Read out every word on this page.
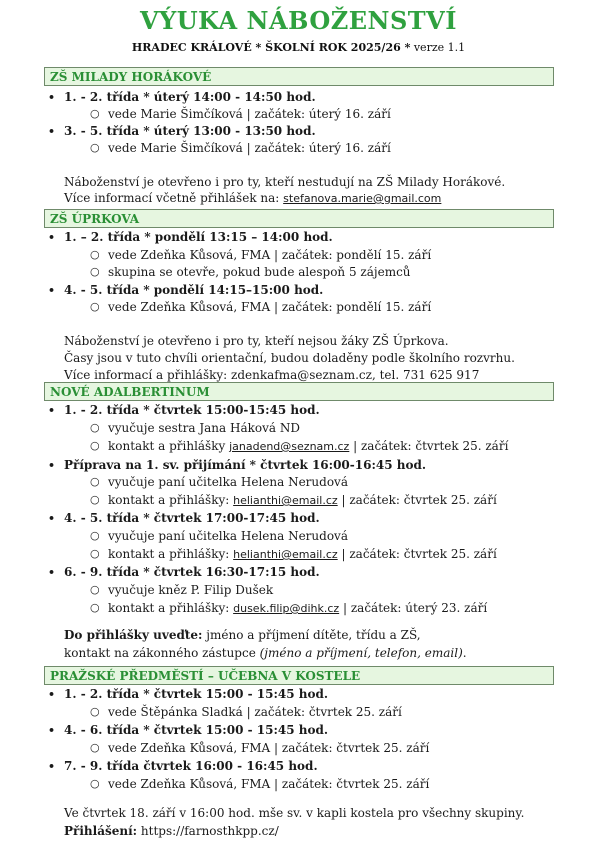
VÝUKA NÁBOŽENSTVÍ
HRADEC KRÁLOVÉ * ŠKOLNÍ ROK 2025/26 * verze 1.1
ZŠ MILADY HORÁKOVÉ
• 1. - 2. třída * úterý 14:00 - 14:50 hod.
○ vede Marie Šimčíková | začátek: úterý 16. září
• 3. - 5. třída * úterý 13:00 - 13:50 hod.
○ vede Marie Šimčíková | začátek: úterý 16. září
Náboženství je otevřeno i pro ty, kteří nestudují na ZŠ Milady Horákové.
Více informací včetně přihlášek na: stefanova.marie@gmail.com
ZŠ ÚPRKOVA
• 1. – 2. třída * pondělí 13:15 – 14:00 hod.
○ vede Zdeňka Kůsová, FMA | začátek: pondělí 15. září
○ skupina se otevře, pokud bude alespoň 5 zájemců
• 4. - 5. třída * pondělí 14:15–15:00 hod.
○ vede Zdeňka Kůsová, FMA | začátek: pondělí 15. září
Náboženství je otevřeno i pro ty, kteří nejsou žáky ZŠ Úprkova.
Časy jsou v tuto chvíli orientační, budou doladěny podle školního rozvrhu.
Více informací a přihlášky: zdenkafma@seznam.cz, tel. 731 625 917
NOVÉ ADALBERTINUM
• 1. - 2. třída * čtvrtek 15:00-15:45 hod.
○ vyučuje sestra Jana Háková ND
○ kontakt a přihlášky janadend@seznam.cz | začátek: čtvrtek 25. září
• Příprava na 1. sv. přijímání * čtvrtek 16:00-16:45 hod.
○ vyučuje paní učitelka Helena Nerudová
○ kontakt a přihlášky: helianthi@email.cz | začátek: čtvrtek 25. září
• 4. - 5. třída * čtvrtek 17:00-17:45 hod.
○ vyučuje paní učitelka Helena Nerudová
○ kontakt a přihlášky: helianthi@email.cz | začátek: čtvrtek 25. září
• 6. - 9. třída * čtvrtek 16:30-17:15 hod.
○ vyučuje kněz P. Filip Dušek
○ kontakt a přihlášky: dusek.filip@dihk.cz | začátek: úterý 23. září
Do přihlášky uveďte: jméno a příjmení dítěte, třídu a ZŠ,
kontakt na zákonného zástupce (jméno a příjmení, telefon, email).
PRAŽSKÉ PŘEDMĚSTÍ – UČEBNA V KOSTELE
• 1. - 2. třída * čtvrtek 15:00 - 15:45 hod.
○ vede Štěpánka Sladká | začátek: čtvrtek 25. září
• 4. - 6. třída * čtvrtek 15:00 - 15:45 hod.
○ vede Zdeňka Kůsová, FMA | začátek: čtvrtek 25. září
• 7. - 9. třída čtvrtek 16:00 - 16:45 hod.
○ vede Zdeňka Kůsová, FMA | začátek: čtvrtek 25. září
Ve čtvrtek 18. září v 16:00 hod. mše sv. v kapli kostela pro všechny skupiny.
Přihlášení: https://farnosthkpp.cz/
